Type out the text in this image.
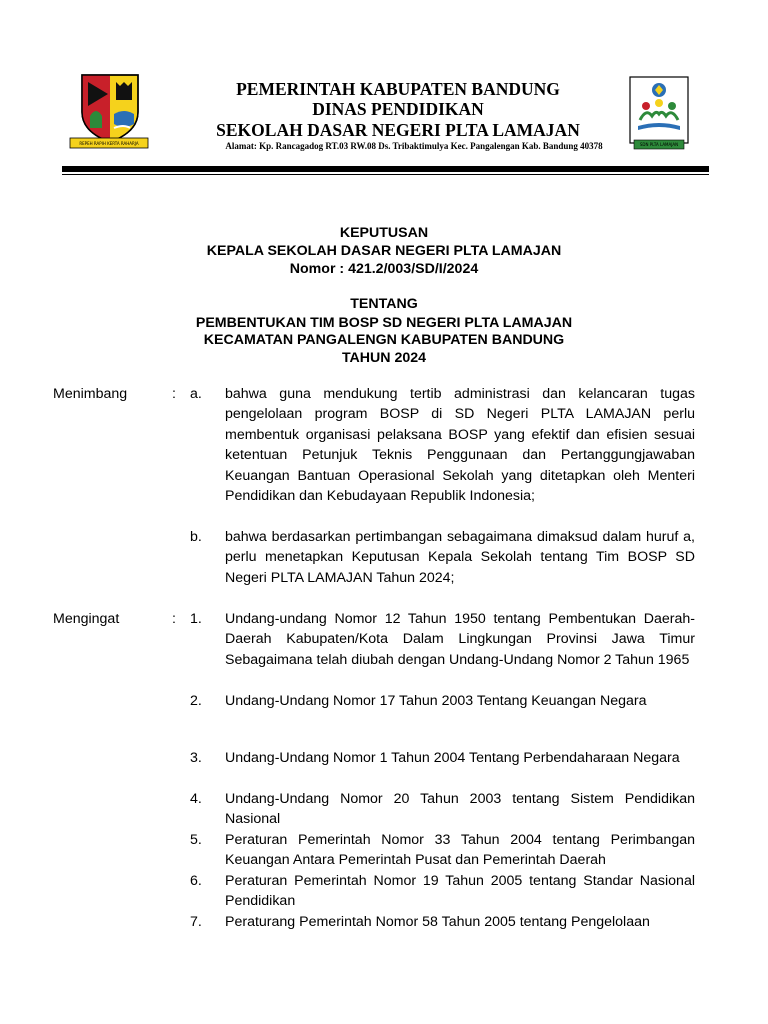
REPEH RAPIH KERTA RAHARJA	SDN PLTA LAMAJAN
PEMERINTAH KABUPATEN BANDUNG
DINAS PENDIDIKAN
SEKOLAH DASAR NEGERI PLTA LAMAJAN
Alamat: Kp. Rancagadog RT.03 RW.08 Ds. Tribaktimulya Kec. Pangalengan Kab. Bandung 40378
KEPUTUSAN
KEPALA SEKOLAH DASAR NEGERI PLTA LAMAJAN
Nomor : 421.2/003/SD/I/2024
TENTANG
PEMBENTUKAN TIM BOSP SD NEGERI PLTA LAMAJAN
KECAMATAN PANGALENGN KABUPATEN BANDUNG
TAHUN 2024
Menimbang	: a. bahwa guna mendukung tertib administrasi dan kelancaran tugas pengelolaan program BOSP di SD Negeri PLTA LAMAJAN perlu membentuk organisasi pelaksana BOSP yang efektif dan efisien sesuai ketentuan Petunjuk Teknis Penggunaan dan Pertanggungjawaban Keuangan Bantuan Operasional Sekolah yang ditetapkan oleh Menteri Pendidikan dan Kebudayaan Republik Indonesia;
b. bahwa berdasarkan pertimbangan sebagaimana dimaksud dalam huruf a, perlu menetapkan Keputusan Kepala Sekolah tentang Tim BOSP SD Negeri PLTA LAMAJAN Tahun 2024;
Mengingat	: 1. Undang-undang Nomor 12 Tahun 1950 tentang Pembentukan Daerah-Daerah Kabupaten/Kota Dalam Lingkungan Provinsi Jawa Timur Sebagaimana telah diubah dengan Undang-Undang Nomor 2 Tahun 1965
2. Undang-Undang Nomor 17 Tahun 2003 Tentang Keuangan Negara
3. Undang-Undang Nomor 1 Tahun 2004 Tentang Perbendaharaan Negara
4. Undang-Undang Nomor 20 Tahun 2003 tentang Sistem Pendidikan Nasional
5. Peraturan Pemerintah Nomor 33 Tahun 2004 tentang Perimbangan Keuangan Antara Pemerintah Pusat dan Pemerintah Daerah
6. Peraturan Pemerintah Nomor 19 Tahun 2005 tentang Standar Nasional Pendidikan
7. Peraturang Pemerintah Nomor 58 Tahun 2005 tentang Pengelolaan
